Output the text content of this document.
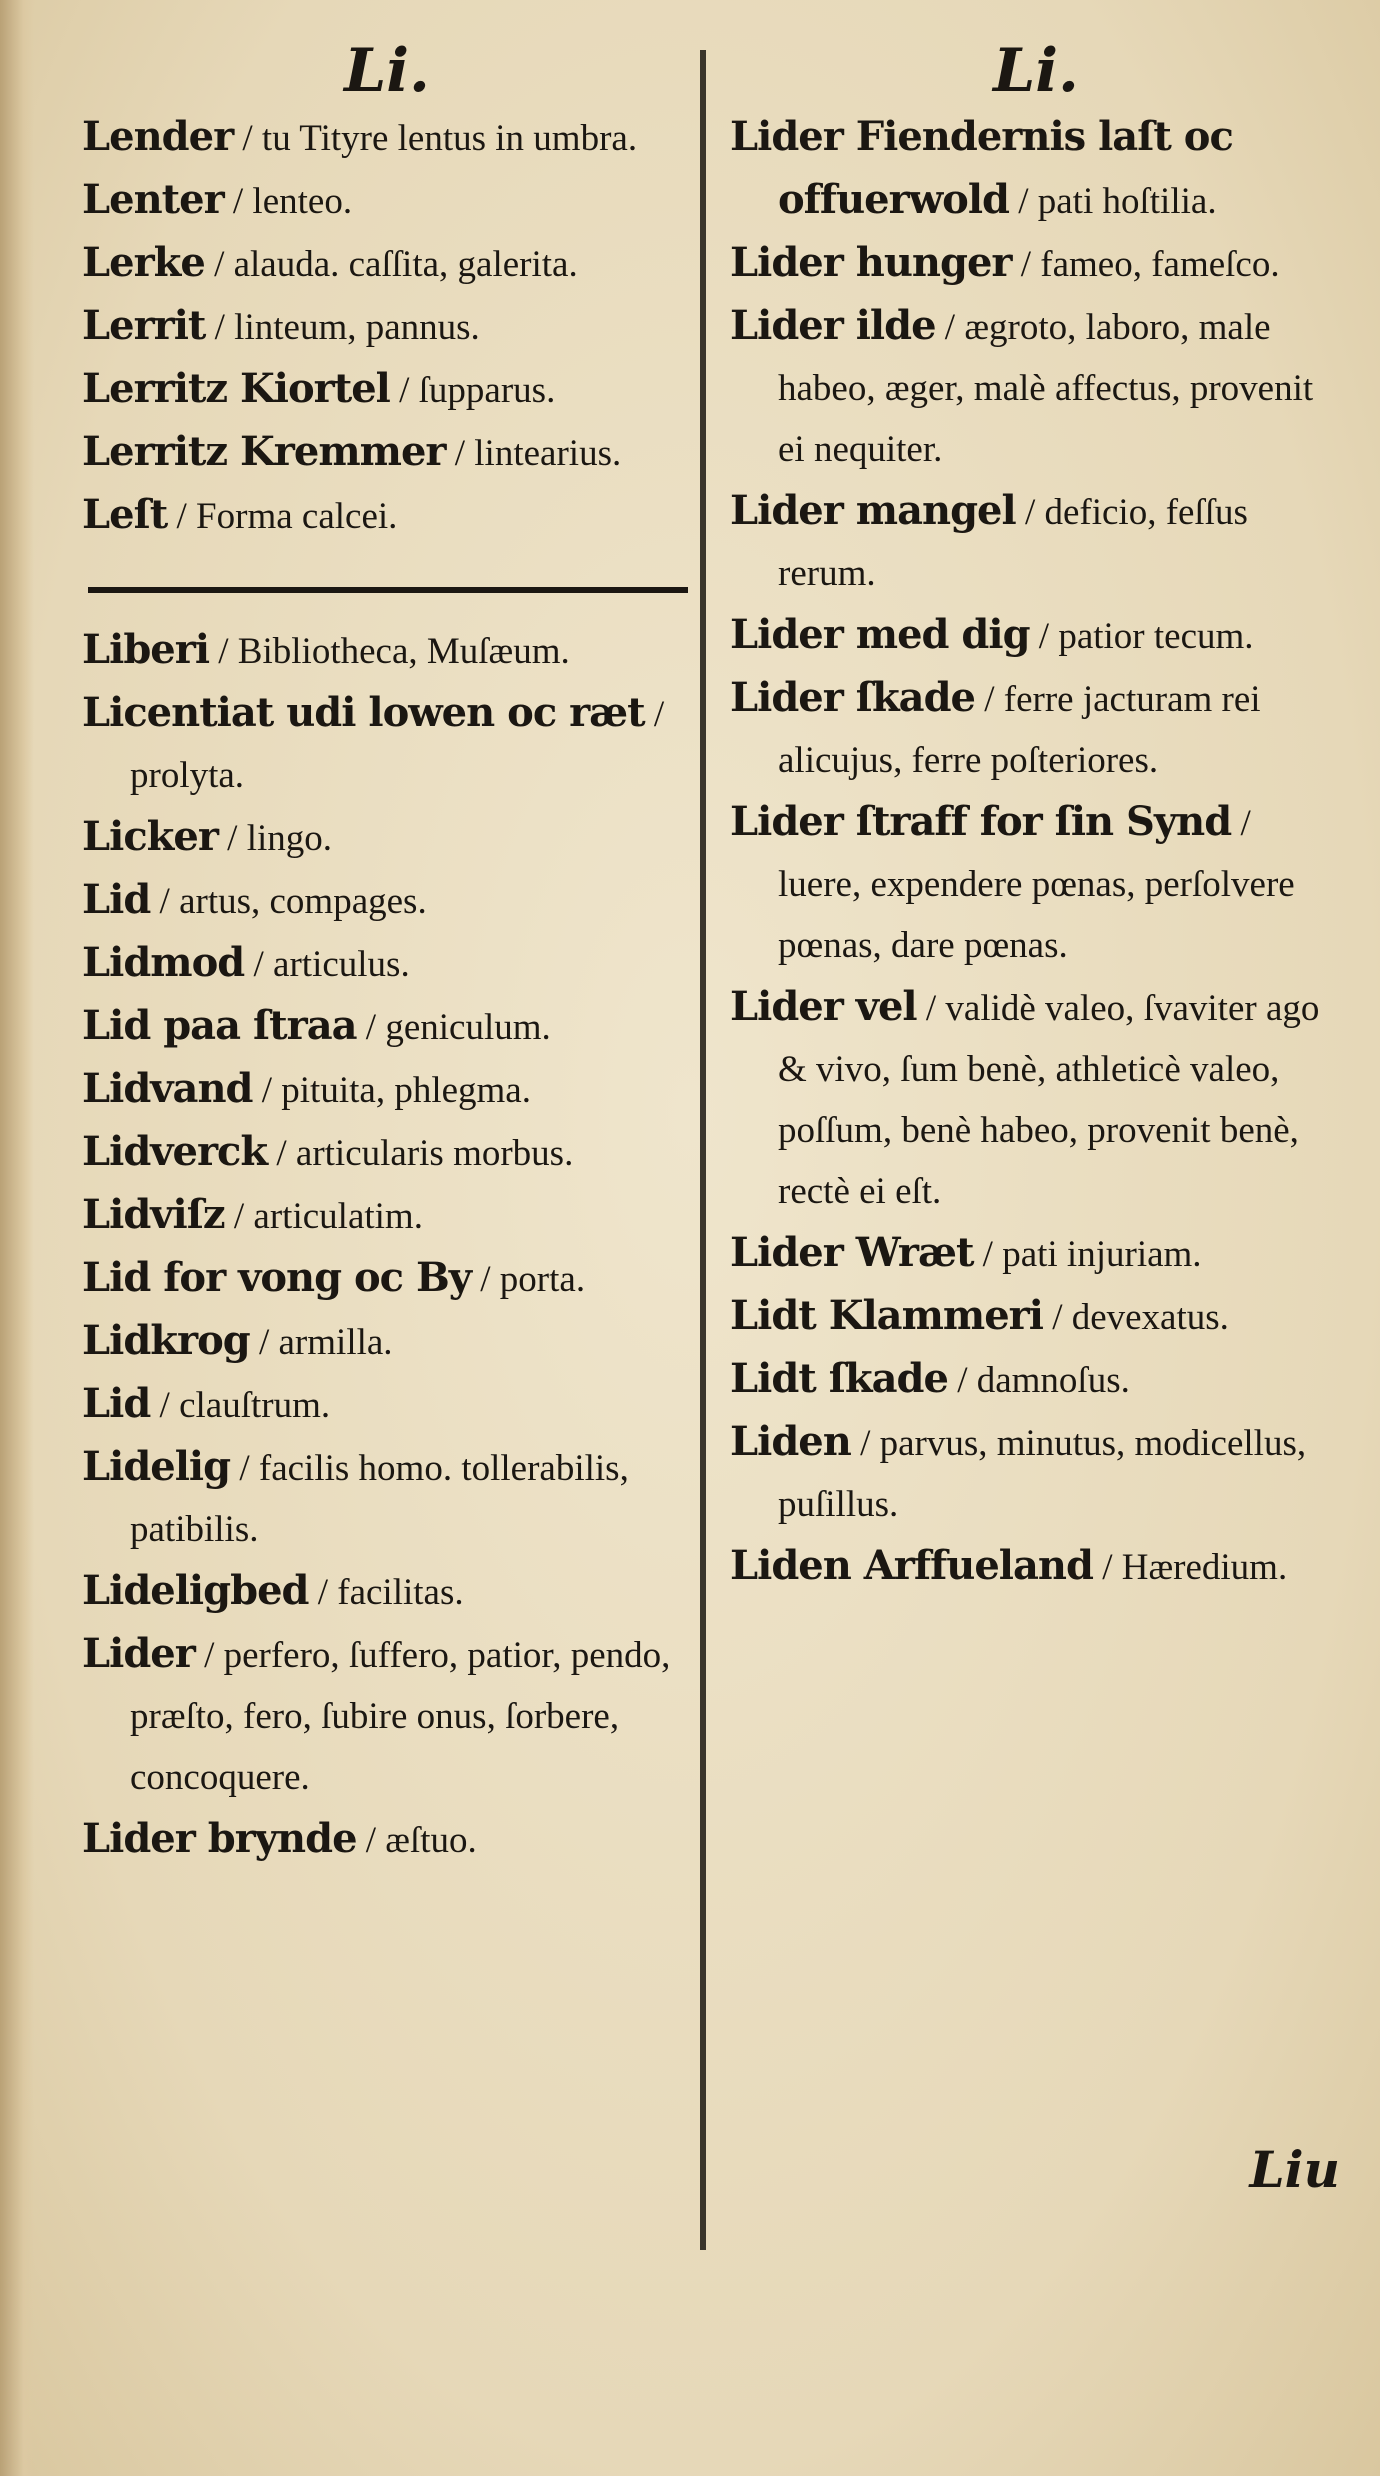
Li.
Lender / tu Tityre lentus in umbra.
Lenter / lenteo.
Lerke / alauda. caſſita, galerita.
Lerrit / linteum, pannus.
Lerritz Kiortel / ſupparus.
Lerritz Kremmer / lintearius.
Leſt / Forma calcei.
Liberi / Bibliotheca, Muſæum.
Licentiat udi lowen oc ræt / prolyta.
Licker / lingo.
Lid / artus, compages.
Lidmod / articulus.
Lid paa ſtraa / geniculum.
Lidvand / pituita, phlegma.
Lidverck / articularis morbus.
Lidviſz / articulatim.
Lid for vong oc By / porta.
Lidkrog / armilla.
Lid / clauſtrum.
Lidelig / facilis homo. tollerabilis, patibilis.
Lideligbed / facilitas.
Lider / perfero, ſuffero, patior, pendo, præſto, fero, ſubire onus, ſorbere, concoquere.
Lider brynde / æſtuo.
Li.
Lider Fiendernis laſt oc offuerwold / pati hoſtilia.
Lider hunger / fameo, fameſco.
Lider ilde / ægroto, laboro, male habeo, æger, malè affectus, provenit ei nequiter.
Lider mangel / deficio, feſſus rerum.
Lider med dig / patior tecum.
Lider ſkade / ferre jacturam rei alicujus, ferre poſteriores.
Lider ſtraff for ſin Synd / luere, expendere pœnas, perſolvere pœnas, dare pœnas.
Lider vel / validè valeo, ſvaviter ago & vivo, ſum benè, athleticè valeo, poſſum, benè habeo, provenit benè, rectè ei eſt.
Lider Wræt / pati injuriam.
Lidt Klammeri / devexatus.
Lidt ſkade / damnoſus.
Liden / parvus, minutus, modicellus, puſillus.
Liden Arffueland / Hæredium.
Liu
